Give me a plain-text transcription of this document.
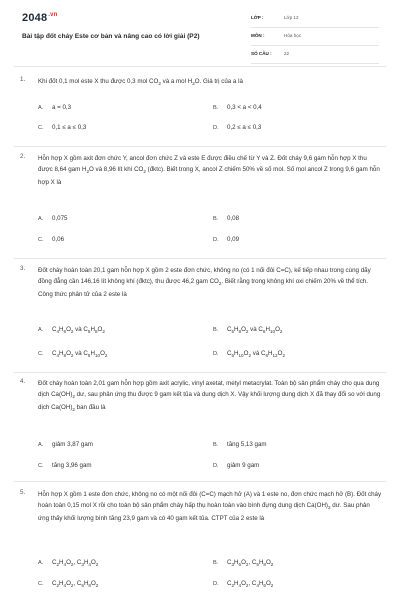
$2048^{.vn}$
Bài tập đốt cháy Este cơ bản và nâng cao có lời giải (P2)
LỚP :	Lớp 12
MÔN :	Hóa học
SỐ CÂU :	22
1. Khi đốt 0,1 mol este X thu được 0,3 mol $CO_2$ và a mol $H_2O$. Giá trị của a là
A. a = 0,3	B. 0,3 < a < 0,4
C. 0,1 ≤ a ≤ 0,3	D. 0,2 ≤ a ≤ 0,3
2. Hỗn hợp X gồm axit đơn chức Y, ancol đơn chức Z và este E được điều chế từ Y và Z. Đốt cháy 9,6 gam hỗn hợp X thu được 8,64 gam $H_2O$ và 8,96 lít khí $CO_2$ (đktc). Biết trong X, ancol Z chiếm 50% về số mol. Số mol ancol Z trong 9,6 gam hỗn hợp X là
A. 0,075	B. 0,08
C. 0,06	D. 0,09
3. Đốt cháy hoàn toàn 20,1 gam hỗn hợp X gồm 2 este đơn chức, không no (có 1 nối đôi C=C), kế tiếp nhau trong cùng dãy đồng đẳng cần 146,16 lít không khí (đktc), thu được 46,2 gam $CO_2$. Biết rằng trong không khí oxi chiếm 20% về thể tích. Công thức phân tử của 2 este là
A. $C_4H_6O_2$ và $C_5H_8O_2$	B. $C_5H_8O_2$ và $C_6H_{10}O_2$
C. $C_4H_8O_2$ và $C_5H_{10}O_2$	D. $C_5H_{10}O_2$ và $C_6H_{12}O_2$
4. Đốt cháy hoàn toàn 2,01 gam hỗn hợp gồm axit acrylic, vinyl axetat, metyl metacrylat. Toàn bộ sản phẩm cháy cho qua dung dịch $Ca(OH)_2$ dư, sau phản ứng thu được 9 gam kết tủa và dung dịch X. Vậy khối lượng dung dịch X đã thay đổi so với dung dịch $Ca(OH)_2$ ban đầu là
A. giảm 3,87 gam	B. tăng 5,13 gam
C. tăng 3,96 gam	D. giảm 9 gam
5. Hỗn hợp X gồm 1 este đơn chức, không no có một nối đôi (C=C) mạch hở (A) và 1 este no, đơn chức mạch hở (B). Đốt cháy hoàn toàn 0,15 mol X rồi cho toàn bộ sản phẩm cháy hấp thụ hoàn toàn vào bình đựng dung dịch $Ca(OH)_2$ dư. Sau phản ứng thấy khối lượng bình tăng 23,9 gam và có 40 gam kết tủa. CTPT của 2 este là
A. $C_2H_4O_2$, $C_3H_4O_2$	B. $C_3H_6O_2$, $C_5H_8O_2$
C. $C_2H_4O_2$, $C_5H_8O_2$	D. $C_2H_4O_2$, $C_4H_6O_2$
